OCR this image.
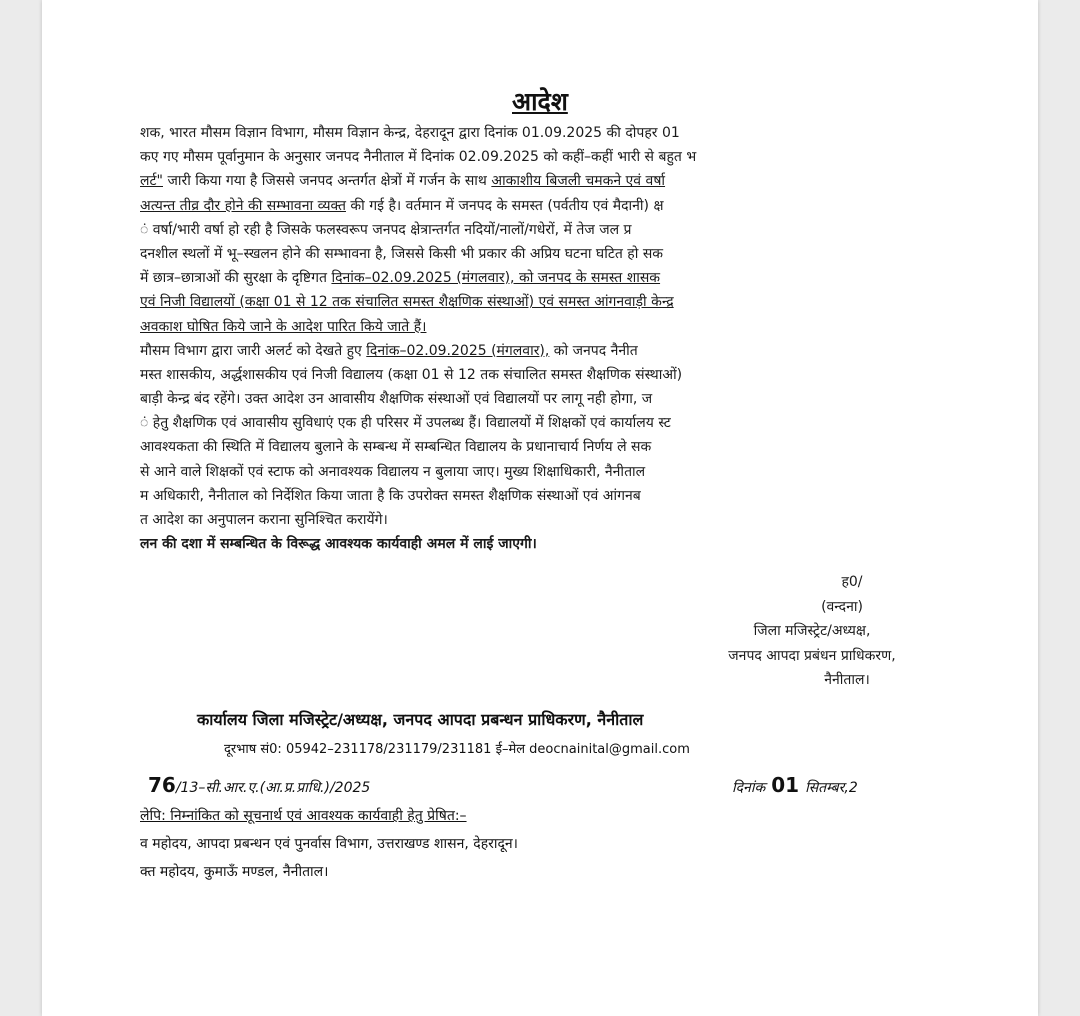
आदेश
शक, भारत मौसम विज्ञान विभाग, मौसम विज्ञान केन्द्र, देहरादून द्वारा दिनांक 01.09.2025 की दोपहर 01
कए गए मौसम पूर्वानुमान के अनुसार जनपद नैनीताल में दिनांक 02.09.2025 को कहीं–कहीं भारी से बहुत भ
लर्ट" जारी किया गया है जिससे जनपद अन्तर्गत क्षेत्रों में गर्जन के साथ आकाशीय बिजली चमकने एवं वर्षा
अत्यन्त तीव्र दौर होने की सम्भावना व्यक्त की गई है। वर्तमान में जनपद के समस्त (पर्वतीय एवं मैदानी) क्ष
ं वर्षा/भारी वर्षा हो रही है जिसके फलस्वरूप जनपद क्षेत्रान्तर्गत नदियों/नालों/गधेरों, में तेज जल प्र
दनशील स्थलों में भू–स्खलन होने की सम्भावना है, जिससे किसी भी प्रकार की अप्रिय घटना घटित हो सक
में छात्र–छात्राओं की सुरक्षा के दृष्टिगत दिनांक–02.09.2025 (मंगलवार), को जनपद के समस्त शासक
एवं निजी विद्यालयों (कक्षा 01 से 12 तक संचालित समस्त शैक्षणिक संस्थाओं) एवं समस्त आंगनवाड़ी केन्द्र
अवकाश घोषित किये जाने के आदेश पारित किये जाते हैं।
मौसम विभाग द्वारा जारी अलर्ट को देखते हुए दिनांक–02.09.2025 (मंगलवार), को जनपद नैनीत
मस्त शासकीय, अर्द्धशासकीय एवं निजी विद्यालय (कक्षा 01 से 12 तक संचालित समस्त शैक्षणिक संस्थाओं)
बाड़ी केन्द्र बंद रहेंगे। उक्त आदेश उन आवासीय शैक्षणिक संस्थाओं एवं विद्यालयों पर लागू नही होगा, ज
ं हेतु शैक्षणिक एवं आवासीय सुविधाएं एक ही परिसर में उपलब्ध हैं। विद्यालयों में शिक्षकों एवं कार्यालय स्ट
आवश्यकता की स्थिति में विद्यालय बुलाने के सम्बन्ध में सम्बन्धित विद्यालय के प्रधानाचार्य निर्णय ले सक
से आने वाले शिक्षकों एवं स्टाफ को अनावश्यक विद्यालय न बुलाया जाए। मुख्य शिक्षाधिकारी, नैनीताल
म अधिकारी, नैनीताल को निर्देशित किया जाता है कि उपरोक्त समस्त शैक्षणिक संस्थाओं एवं आंगनब
त आदेश का अनुपालन कराना सुनिश्चित करायेंगे।
लन की दशा में सम्बन्धित के विरूद्ध आवश्यक कार्यवाही अमल में लाई जाएगी।
ह0/
(वन्दना)
जिला मजिस्ट्रेट/अध्यक्ष,
जनपद आपदा प्रबंधन प्राधिकरण,
नैनीताल।
कार्यालय जिला मजिस्ट्रेट/अध्यक्ष, जनपद आपदा प्रबन्धन प्राधिकरण, नैनीताल
दूरभाष सं0: 05942–231178/231179/231181 ई–मेल deocnainital@gmail.com
76/13–सी.आर.ए.(आ.प्र.प्राधि.)/2025	दिनांक 01 सितम्बर,2
लेपि: निम्नांकित को सूचनार्थ एवं आवश्यक कार्यवाही हेतु प्रेषित:–
व महोदय, आपदा प्रबन्धन एवं पुनर्वास विभाग, उत्तराखण्ड शासन, देहरादून।
क्त महोदय, कुमाऊँ मण्डल, नैनीताल।
